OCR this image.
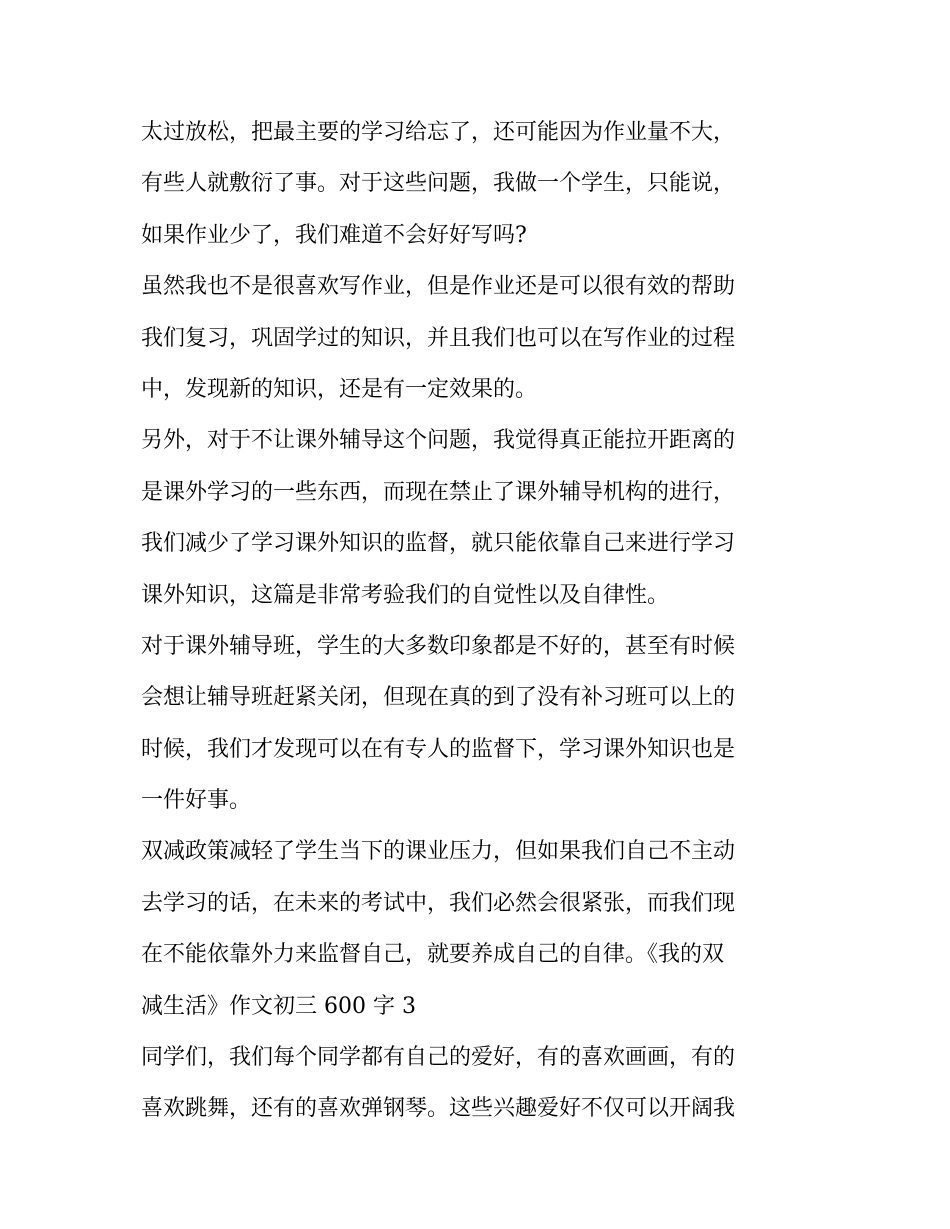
太过放松，把最主要的学习给忘了，还可能因为作业量不大，
有些人就敷衍了事。对于这些问题，我做一个学生，只能说，
如果作业少了，我们难道不会好好写吗?
虽然我也不是很喜欢写作业，但是作业还是可以很有效的帮助
我们复习，巩固学过的知识，并且我们也可以在写作业的过程
中，发现新的知识，还是有一定效果的。
另外，对于不让课外辅导这个问题，我觉得真正能拉开距离的
是课外学习的一些东西，而现在禁止了课外辅导机构的进行，
我们减少了学习课外知识的监督，就只能依靠自己来进行学习
课外知识，这篇是非常考验我们的自觉性以及自律性。
对于课外辅导班，学生的大多数印象都是不好的，甚至有时候
会想让辅导班赶紧关闭，但现在真的到了没有补习班可以上的
时候，我们才发现可以在有专人的监督下，学习课外知识也是
一件好事。
双减政策减轻了学生当下的课业压力，但如果我们自己不主动
去学习的话，在未来的考试中，我们必然会很紧张，而我们现
在不能依靠外力来监督自己，就要养成自己的自律。《我的双
减生活》作文初三 600 字 3
同学们，我们每个同学都有自己的爱好，有的喜欢画画，有的
喜欢跳舞，还有的喜欢弹钢琴。这些兴趣爱好不仅可以开阔我
